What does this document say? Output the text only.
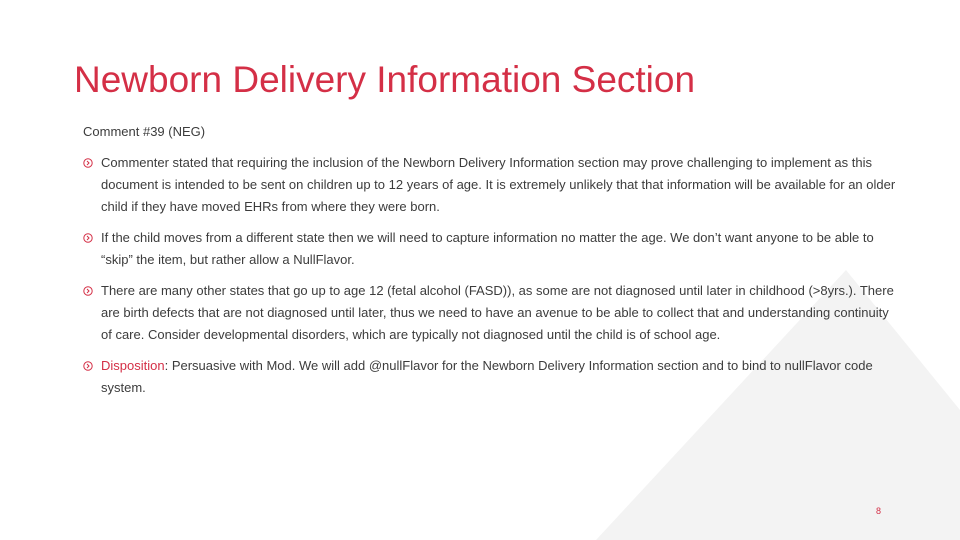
Newborn Delivery Information Section

Comment #39 (NEG)

Commenter stated that requiring the inclusion of the Newborn Delivery Information section may prove challenging to implement as this document is intended to be sent on children up to 12 years of age. It is extremely unlikely that that information will be available for an older child if they have moved EHRs from where they were born.
If the child moves from a different state then we will need to capture information no matter the age. We don’t want anyone to be able to “skip” the item, but rather allow a NullFlavor.
There are many other states that go up to age 12 (fetal alcohol (FASD)), as some are not diagnosed until later in childhood (>8yrs.). There are birth defects that are not diagnosed until later, thus we need to have an avenue to be able to collect that and understanding continuity of care. Consider developmental disorders, which are typically not diagnosed until the child is of school age.
Disposition: Persuasive with Mod. We will add @nullFlavor for the Newborn Delivery Information section and to bind to nullFlavor code system.
8
